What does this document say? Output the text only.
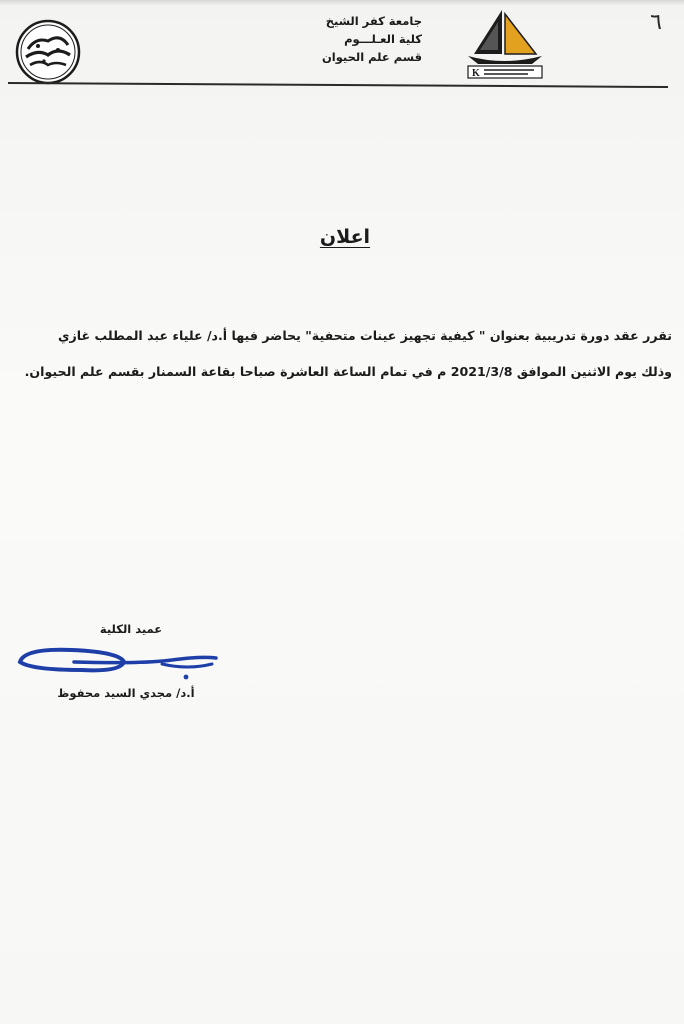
٦
K
جامعة كفر الشيخ
كلية العـلـــوم
قسم علم الحيوان
اعلان

تقرر عقد دورة تدريبية بعنوان " كيفية تجهيز عينات متحفية" يحاضر فيها أ.د/ علياء عبد المطلب غازي

وذلك يوم الاثنين الموافق 2021/3/8 م في تمام الساعة العاشرة صباحا بقاعة السمنار بقسم علم الحيوان.

عميد الكلية
أ.د/ مجدي السيد محفوظ
